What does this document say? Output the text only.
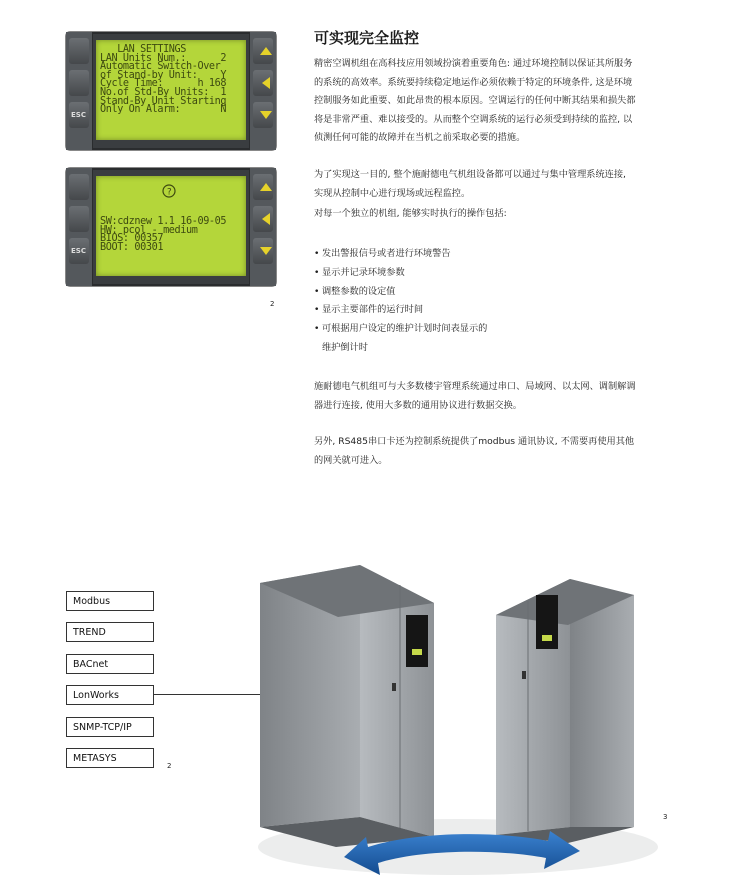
ESC
LAN SETTINGS
LAN Units Num.:      2
Automatic Switch-Over
of Stand-by Unit:    Y
Cycle Time:      h 168
No.of Std-By Units:  1
Stand-By Unit Starting
Only On Alarm:       N
ESC
?
SW:cdznew 1.1 16-09-05
HW: pcol - medium
BIOS: 00357
BOOT: 00301
2
可实现完全监控
精密空调机组在高科技应用领域扮演着重要角色: 通过环境控制以保证其所服务的系统的高效率。系统要持续稳定地运作必须依赖于特定的环境条件, 这是环境控制服务如此重要、如此昂贵的根本原因。空调运行的任何中断其结果和损失都将是非常严重、难以接受的。从而整个空调系统的运行必须受到持续的监控, 以侦测任何可能的故障并在当机之前采取必要的措施。
为了实现这一目的, 整个施耐德电气机组设备都可以通过与集中管理系统连接, 实现从控制中心进行现场或远程监控。
对每一个独立的机组, 能够实时执行的操作包括:
• 发出警报信号或者进行环境警告
• 显示并记录环境参数
• 调整参数的设定值
• 显示主要部件的运行时间
• 可根据用户设定的维护计划时间表显示的
维护倒计时
施耐德电气机组可与大多数楼宇管理系统通过串口、局域网、以太网、调制解调器进行连接, 使用大多数的通用协议进行数据交换。
另外, RS485串口卡还为控制系统提供了modbus 通讯协议, 不需要再使用其他的网关就可进入。
Modbus
TREND
BACnet
LonWorks
SNMP-TCP/IP
METASYS
2
3
